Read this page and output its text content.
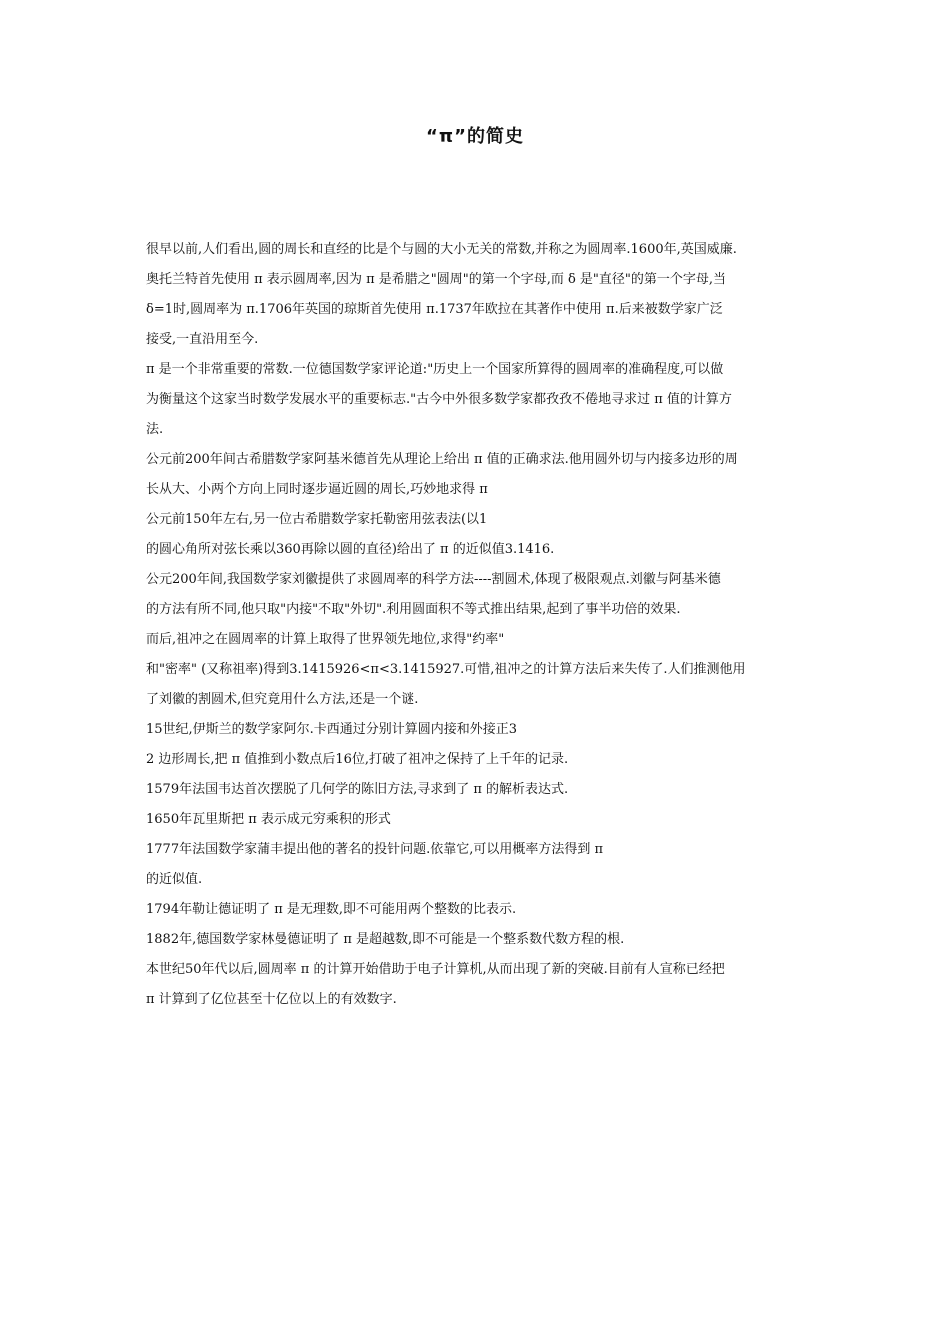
“π”的简史
很早以前,人们看出,圆的周长和直经的比是个与圆的大小无关的常数,并称之为圆周率.1600年,英国威廉.
奥托兰特首先使用 π 表示圆周率,因为 π 是希腊之"圆周"的第一个字母,而 δ 是"直径"的第一个字母,当
δ=1时,圆周率为 π.1706年英国的琼斯首先使用 π.1737年欧拉在其著作中使用 π.后来被数学家广泛
接受,一直沿用至今.
π 是一个非常重要的常数.一位德国数学家评论道:"历史上一个国家所算得的圆周率的准确程度,可以做
为衡量这个这家当时数学发展水平的重要标志."古今中外很多数学家都孜孜不倦地寻求过 π 值的计算方
法.
公元前200年间古希腊数学家阿基米德首先从理论上给出 π 值的正确求法.他用圆外切与内接多边形的周
长从大、小两个方向上同时逐步逼近圆的周长,巧妙地求得 π
公元前150年左右,另一位古希腊数学家托勒密用弦表法(以1
的圆心角所对弦长乘以360再除以圆的直径)给出了 π 的近似值3.1416.
公元200年间,我国数学家刘徽提供了求圆周率的科学方法----割圆术,体现了极限观点.刘徽与阿基米德
的方法有所不同,他只取"内接"不取"外切".利用圆面积不等式推出结果,起到了事半功倍的效果.
而后,祖冲之在圆周率的计算上取得了世界领先地位,求得"约率"
和"密率" (又称祖率)得到3.1415926<π<3.1415927.可惜,祖冲之的计算方法后来失传了.人们推测他用
了刘徽的割圆术,但究竟用什么方法,还是一个谜.
15世纪,伊斯兰的数学家阿尔.卡西通过分别计算圆内接和外接正3
2 边形周长,把 π 值推到小数点后16位,打破了祖冲之保持了上千年的记录.
1579年法国韦达首次摆脱了几何学的陈旧方法,寻求到了 π 的解析表达式.
1650年瓦里斯把 π 表示成元穷乘积的形式
1777年法国数学家蒲丰提出他的著名的投针问题.依靠它,可以用概率方法得到 π
的近似值.
1794年勒让德证明了 π 是无理数,即不可能用两个整数的比表示.
1882年,德国数学家林曼德证明了 π 是超越数,即不可能是一个整系数代数方程的根.
本世纪50年代以后,圆周率 π 的计算开始借助于电子计算机,从而出现了新的突破.目前有人宣称已经把
π 计算到了亿位甚至十亿位以上的有效数字.
